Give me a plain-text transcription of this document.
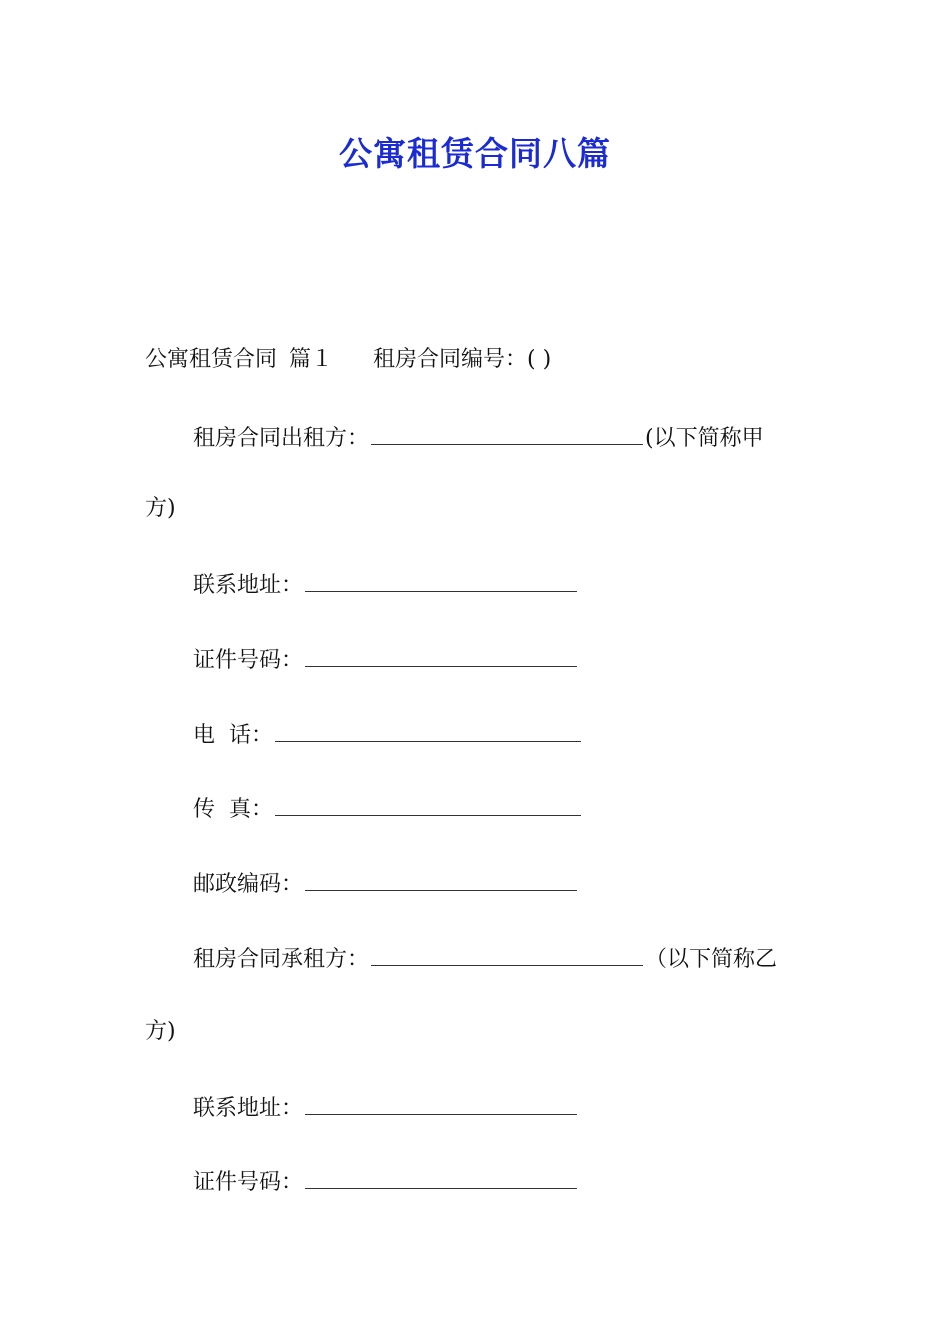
公寓租赁合同八篇
公寓租赁合同 篇１ 租房合同编号：( )
租房合同出租方：	(以下简称甲
方)
联系地址：
证件号码：
电  话：
传  真：
邮政编码：
租房合同承租方：	（以下简称乙
方)
联系地址：
证件号码：
